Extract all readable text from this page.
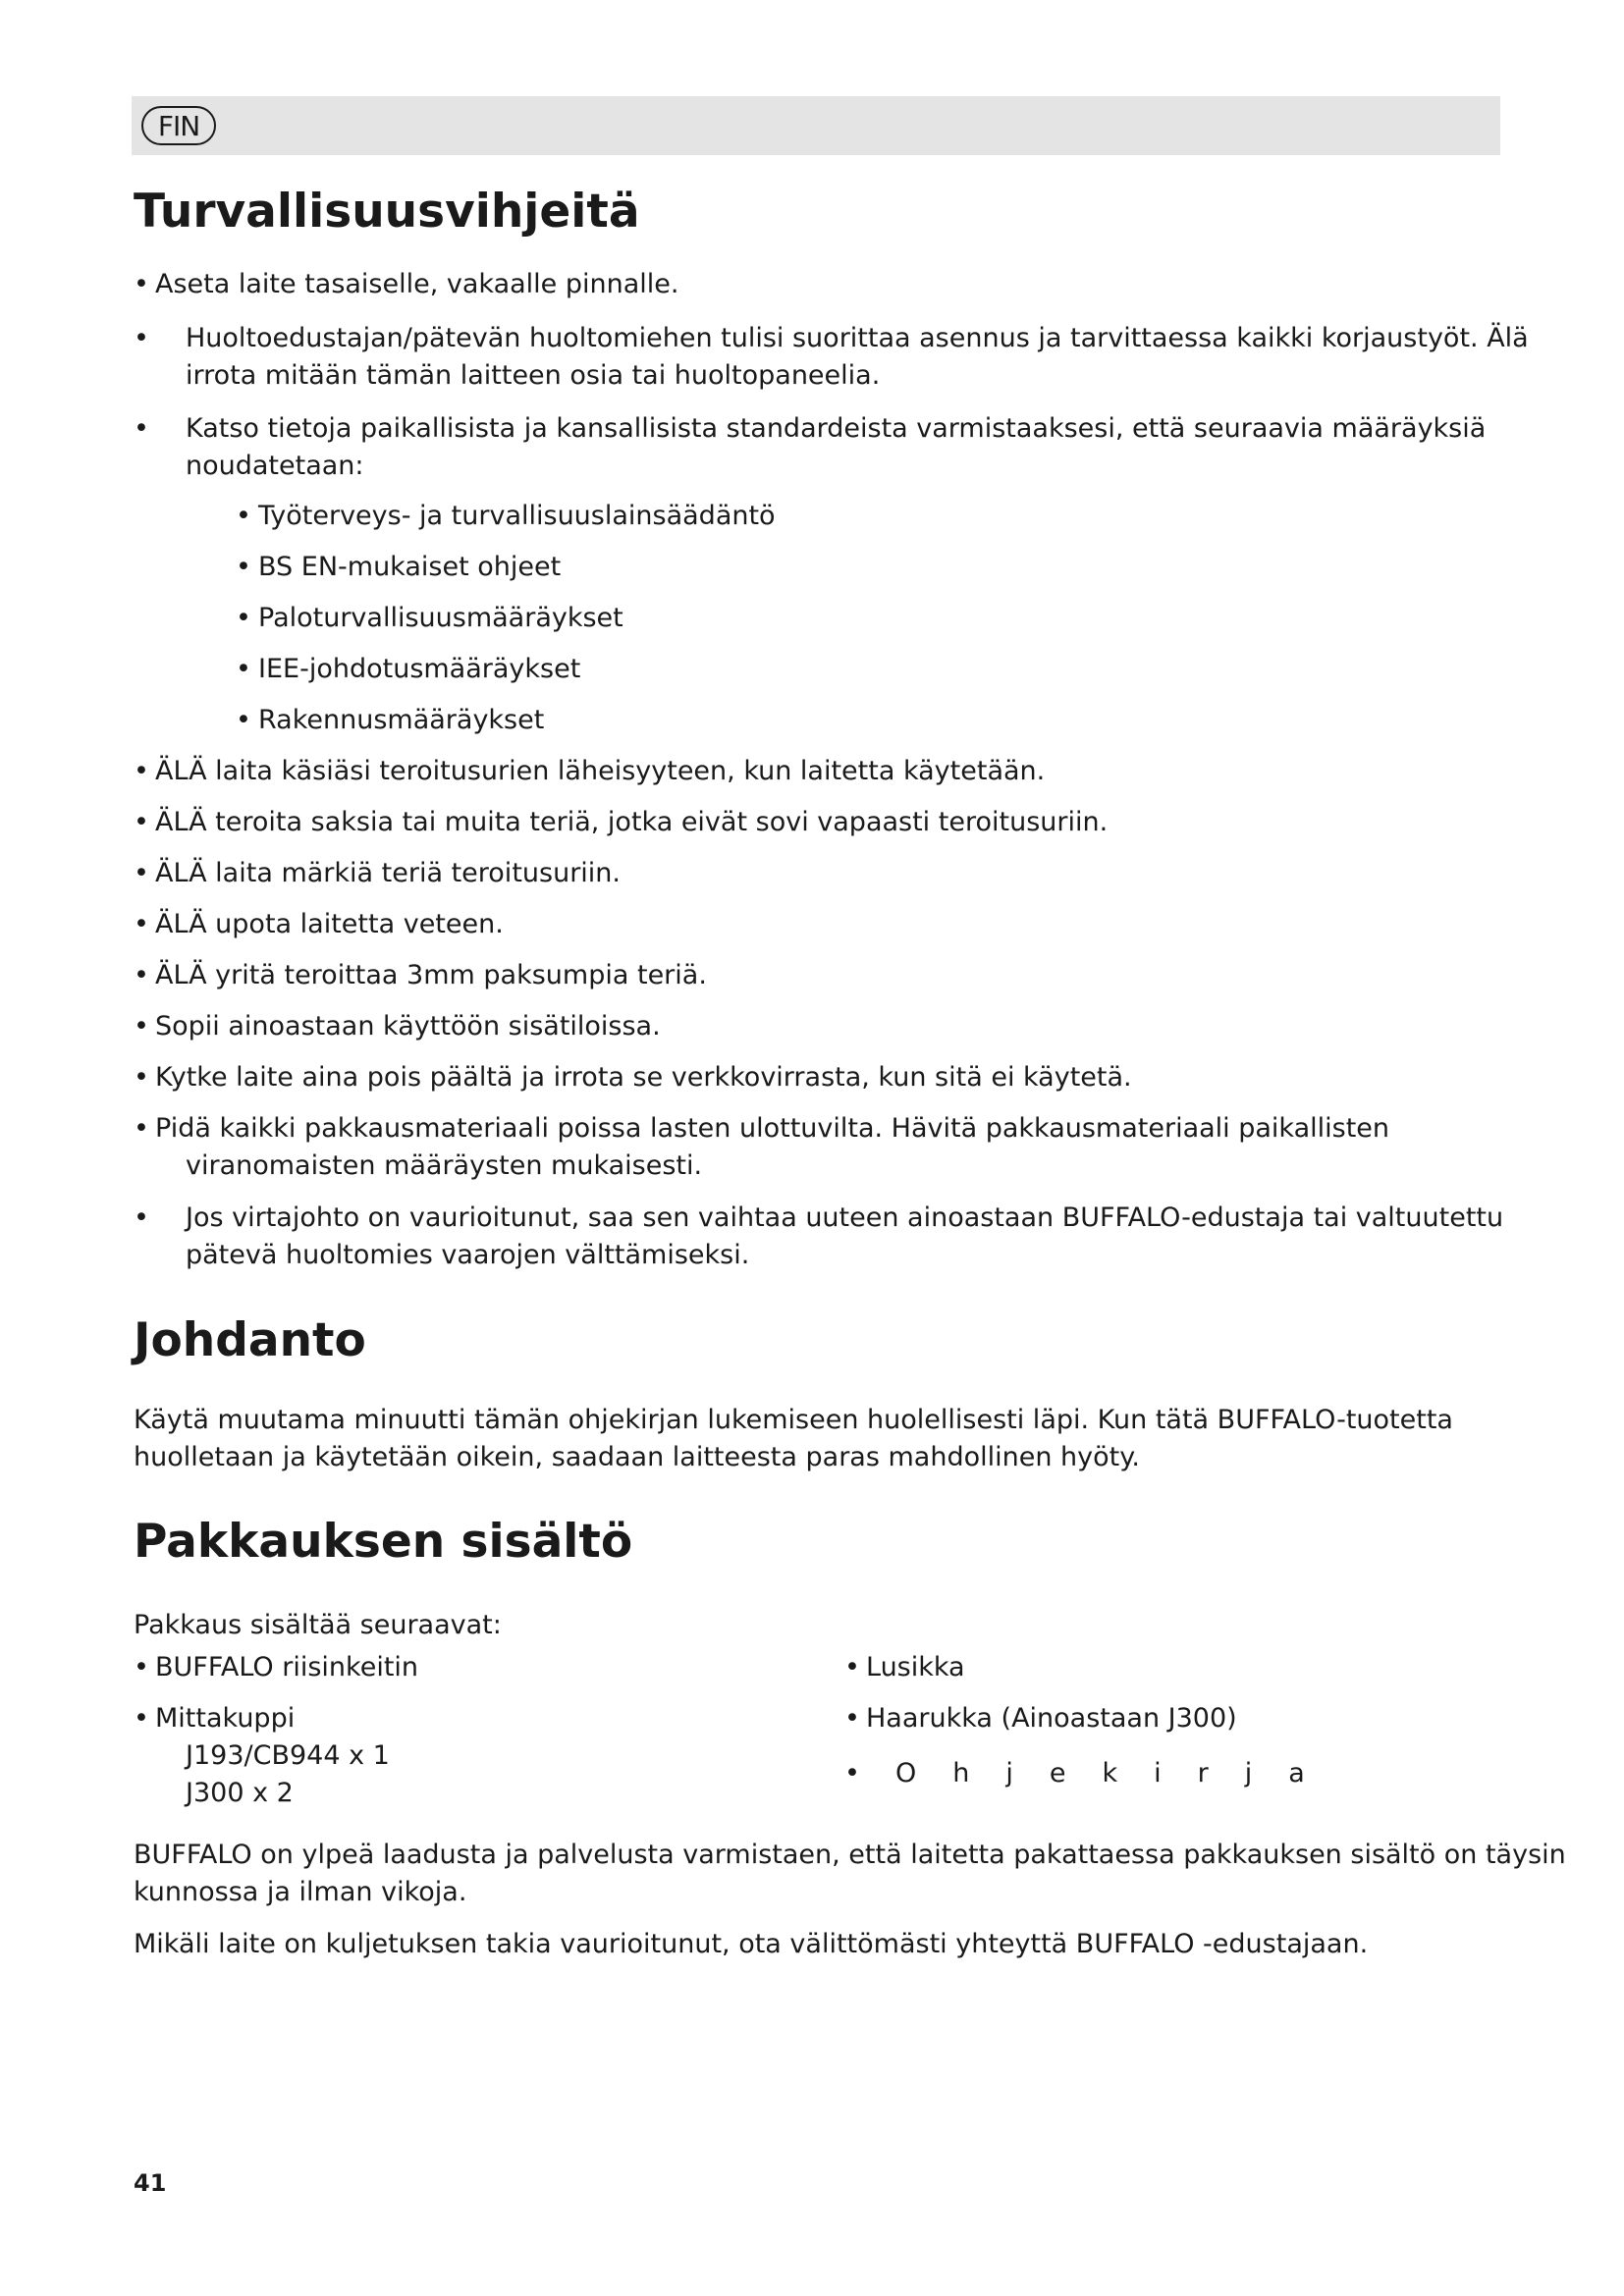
FIN
Turvallisuusvihjeitä
• Aseta laite tasaiselle, vakaalle pinnalle.
• Huoltoedustajan/pätevän huoltomiehen tulisi suorittaa asennus ja tarvittaessa kaikki korjaustyöt. Älä
irrota mitään tämän laitteen osia tai huoltopaneelia.
• Katso tietoja paikallisista ja kansallisista standardeista varmistaaksesi, että seuraavia määräyksiä
noudatetaan:
• Työterveys- ja turvallisuuslainsäädäntö
• BS EN-mukaiset ohjeet
• Paloturvallisuusmääräykset
• IEE-johdotusmääräykset
• Rakennusmääräykset
• ÄLÄ laita käsiäsi teroitusurien läheisyyteen, kun laitetta käytetään.
• ÄLÄ teroita saksia tai muita teriä, jotka eivät sovi vapaasti teroitusuriin.
• ÄLÄ laita märkiä teriä teroitusuriin.
• ÄLÄ upota laitetta veteen.
• ÄLÄ yritä teroittaa 3mm paksumpia teriä.
• Sopii ainoastaan käyttöön sisätiloissa.
• Kytke laite aina pois päältä ja irrota se verkkovirrasta, kun sitä ei käytetä.
• Pidä kaikki pakkausmateriaali poissa lasten ulottuvilta. Hävitä pakkausmateriaali paikallisten
viranomaisten määräysten mukaisesti.
• Jos virtajohto on vaurioitunut, saa sen vaihtaa uuteen ainoastaan BUFFALO-edustaja tai valtuutettu
pätevä huoltomies vaarojen välttämiseksi.
Johdanto
Käytä muutama minuutti tämän ohjekirjan lukemiseen huolellisesti läpi. Kun tätä BUFFALO-tuotetta
huolletaan ja käytetään oikein, saadaan laitteesta paras mahdollinen hyöty.
Pakkauksen sisältö
Pakkaus sisältää seuraavat:
• BUFFALO riisinkeitin
• Mittakuppi
J193/CB944 x 1
J300 x 2
• Lusikka
• Haarukka (Ainoastaan J300)
• Ohjekirja
BUFFALO on ylpeä laadusta ja palvelusta varmistaen, että laitetta pakattaessa pakkauksen sisältö on täysin
kunnossa ja ilman vikoja.
Mikäli laite on kuljetuksen takia vaurioitunut, ota välittömästi yhteyttä BUFFALO -edustajaan.
41
